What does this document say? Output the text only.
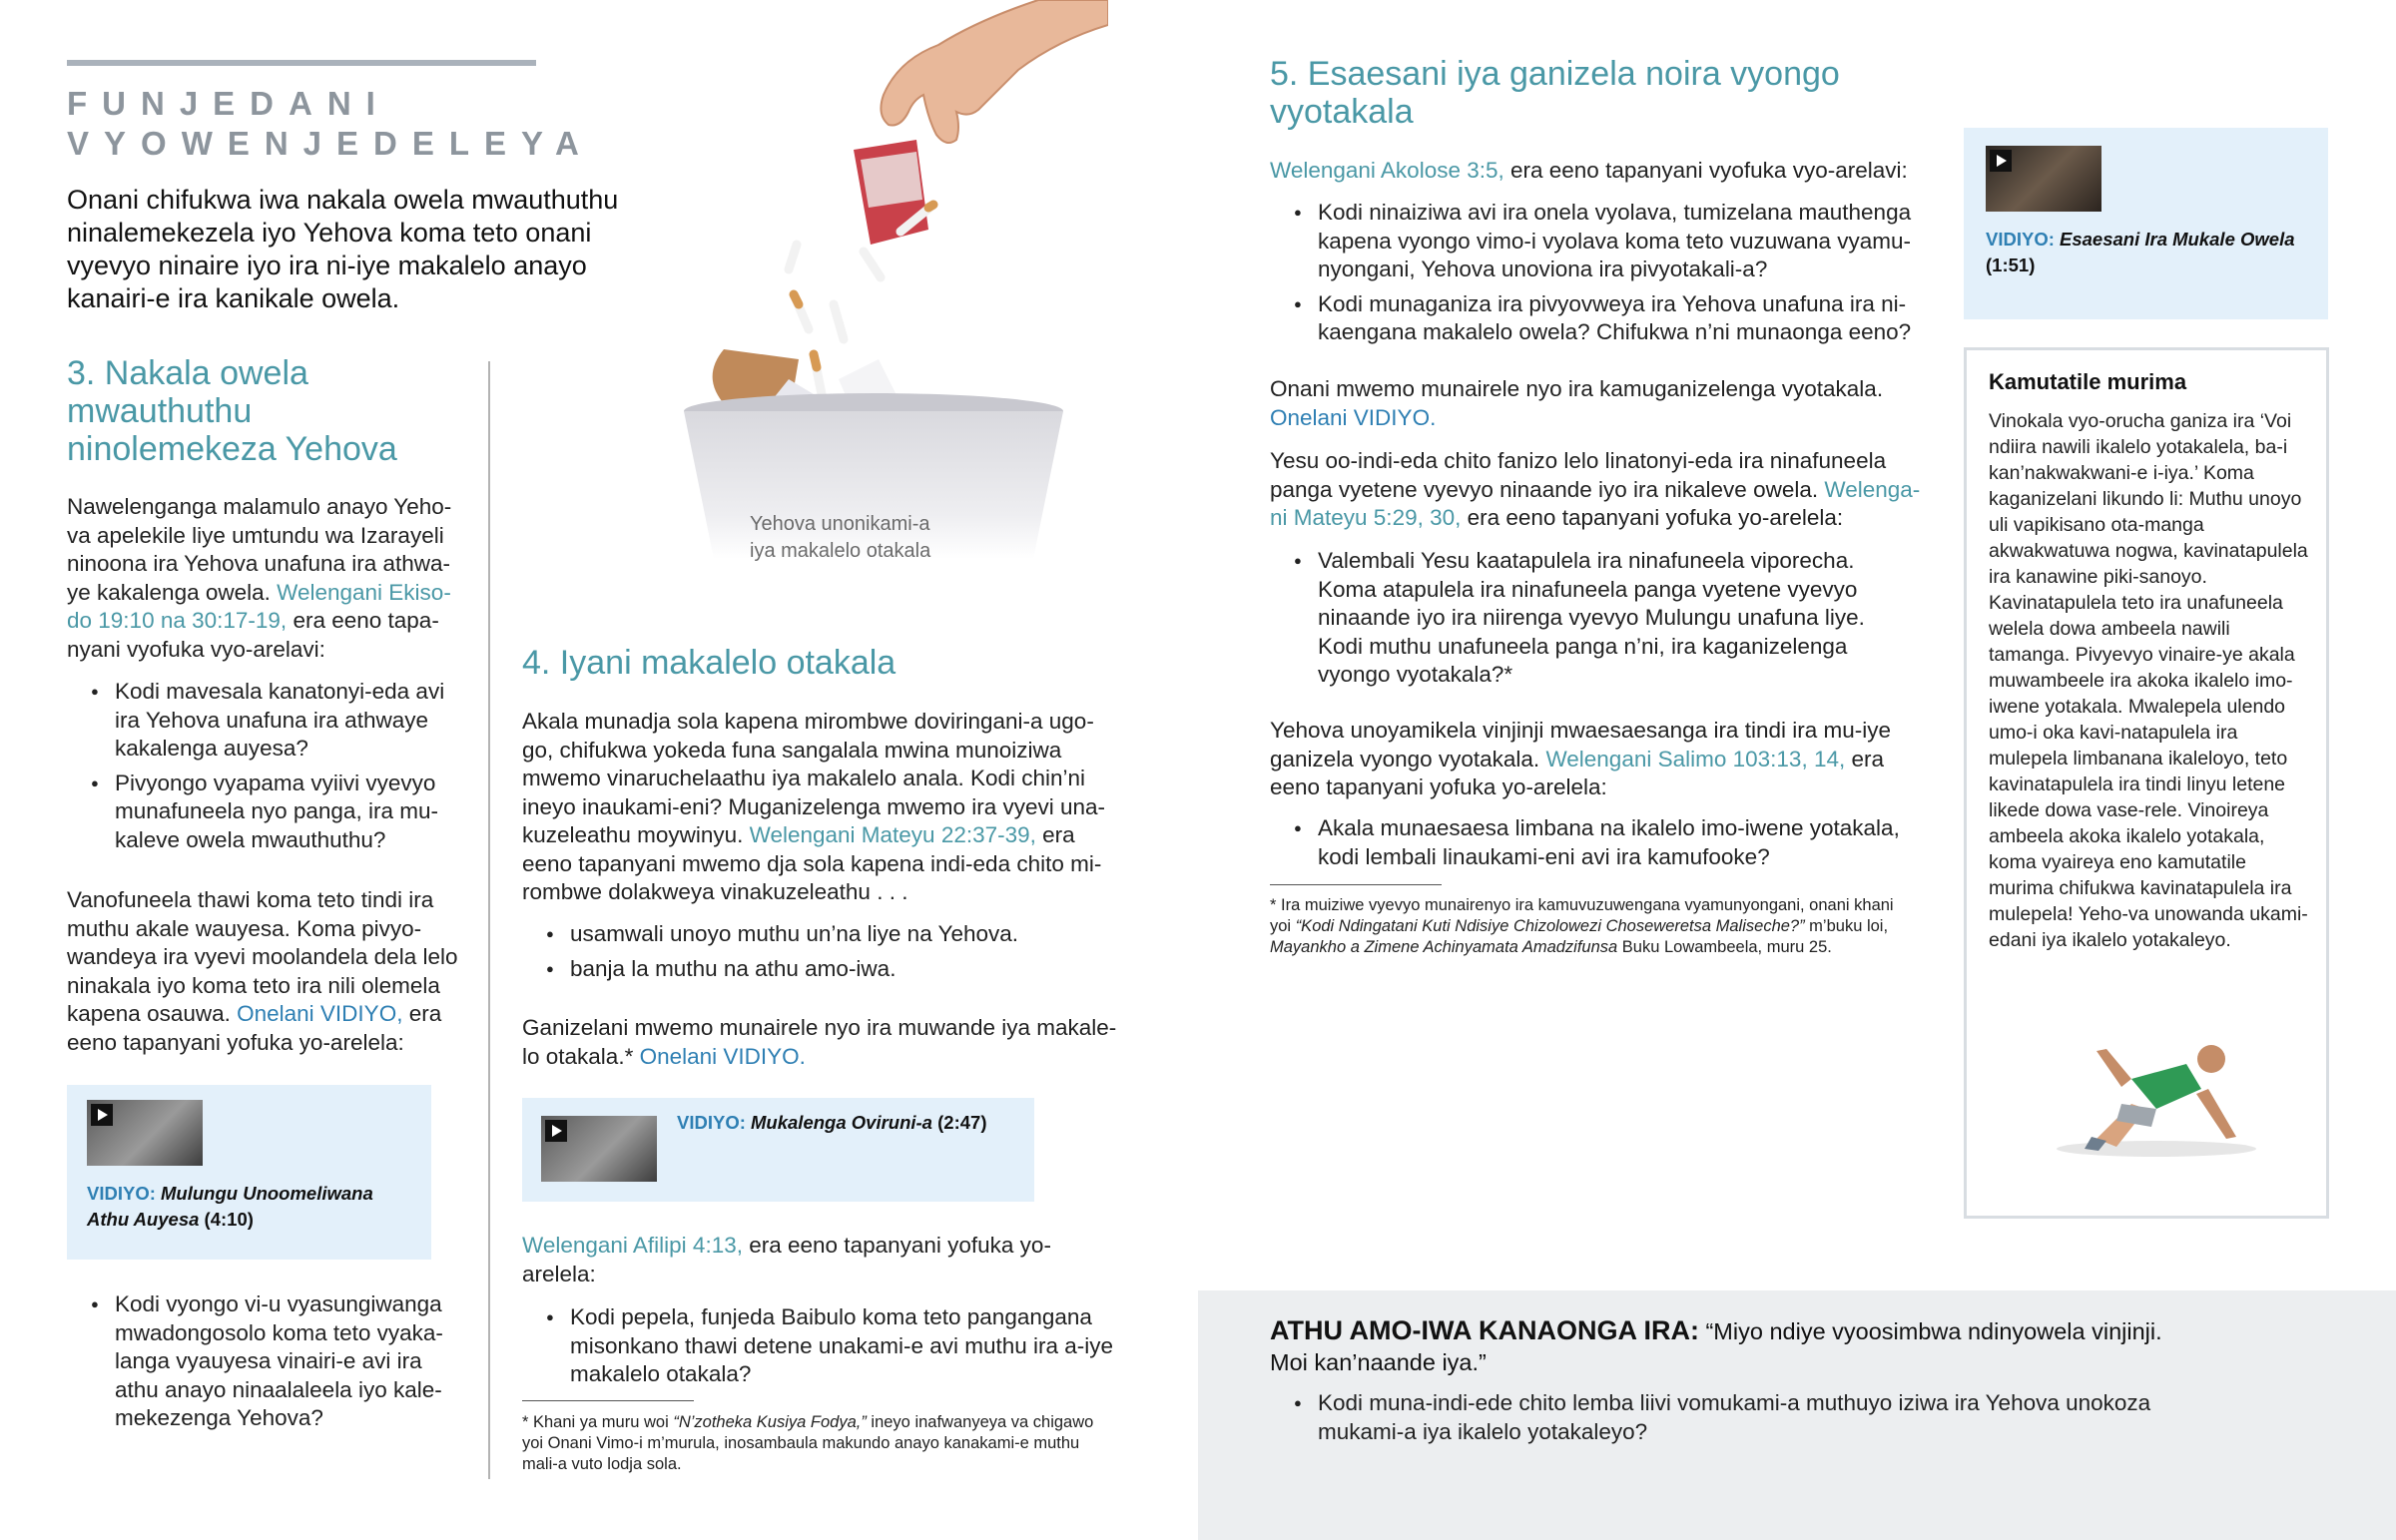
FUNJEDANI
VYOWENJEDELEYA
Onani chifukwa iwa nakala owela mwauthuthu ninalemekezela iyo Yehova koma teto onani vyevyo ninaire iyo ira ni-iye makalelo anayo kanairi-e ira kanikale owela.
Yehova unonikami-a
iya makalelo otakala
3. Nakala owela
mwauthuthu
ninolemekeza Yehova
Nawelenganga malamulo anayo Yeho-va apelekile liye umtundu wa Izarayeli ninoona ira Yehova unafuna ira athwa-ye kakalenga owela. Welengani Ekiso-do 19:10 na 30:17-19, era eeno tapa-nyani vyofuka vyo-arelavi:
● Kodi mavesala kanatonyi-eda avi ira Yehova unafuna ira athwaye kakalenga auyesa?
● Pivyongo vyapama vyiivi vyevyo munafuneela nyo panga, ira mu-kaleve owela mwauthuthu?
Vanofuneela thawi koma teto tindi ira muthu akale wauyesa. Koma pivyo-wandeya ira vyevi moolandela dela lelo ninakala iyo koma teto ira nili olemela kapena osauwa. Onelani VIDIYO, era eeno tapanyani yofuka yo-arelela:
VIDIYO: Mulungu Unoomeliwana Athu Auyesa (4:10)
● Kodi vyongo vi-u vyasungiwanga mwadongosolo koma teto vyaka-langa vyauyesa vinairi-e avi ira athu anayo ninaalaleela iyo kale-mekezenga Yehova?
4. Iyani makalelo otakala
Akala munadja sola kapena mirombwe doviringani-a ugo-go, chifukwa yokeda funa sangalala mwina munoiziwa mwemo vinaruchelaathu iya makalelo anala. Kodi chin’ni ineyo inaukami-eni? Muganizelenga mwemo ira vyevi una-kuzeleathu moywinyu. Welengani Mateyu 22:37-39, era eeno tapanyani mwemo dja sola kapena indi-eda chito mi-rombwe dolakweya vinakuzeleathu . . .
● usamwali unoyo muthu un’na liye na Yehova.
● banja la muthu na athu amo-iwa.
Ganizelani mwemo munairele nyo ira muwande iya makale-lo otakala.* Onelani VIDIYO.
VIDIYO: Mukalenga Oviruni-a (2:47)
Welengani Afilipi 4:13, era eeno tapanyani yofuka yo-arelela:
● Kodi pepela, funjeda Baibulo koma teto pangangana misonkano thawi detene unakami-e avi muthu ira a-iye makalelo otakala?
* Khani ya muru woi “N’zotheka Kusiya Fodya,” ineyo inafwanyeya va chigawo yoi Onani Vimo-i m’murula, inosambaula makundo anayo kanakami-e muthu mali-a vuto lodja sola.
5. Esaesani iya ganizela noira vyongo
vyotakala
Welengani Akolose 3:5, era eeno tapanyani vyofuka vyo-arelavi:
● Kodi ninaiziwa avi ira onela vyolava, tumizelana mauthenga kapena vyongo vimo-i vyolava koma teto vuzuwana vyamu-nyongani, Yehova unoviona ira pivyotakali-a?
● Kodi munaganiza ira pivyovweya ira Yehova unafuna ira ni-kaengana makalelo owela? Chifukwa n’ni munaonga eeno?
Onani mwemo munairele nyo ira kamuganizelenga vyotakala. Onelani VIDIYO.
Yesu oo-indi-eda chito fanizo lelo linatonyi-eda ira ninafuneela panga vyetene vyevyo ninaande iyo ira nikaleve owela. Welenga-ni Mateyu 5:29, 30, era eeno tapanyani yofuka yo-arelela:
● Valembali Yesu kaatapulela ira ninafuneela viporecha. Koma atapulela ira ninafuneela panga vyetene vyevyo ninaande iyo ira niirenga vyevyo Mulungu unafuna liye. Kodi muthu unafuneela panga n’ni, ira kaganizelenga vyongo vyotakala?*
Yehova unoyamikela vinjinji mwaesaesanga ira tindi ira mu-iye ganizela vyongo vyotakala. Welengani Salimo 103:13, 14, era eeno tapanyani yofuka yo-arelela:
● Akala munaesaesa limbana na ikalelo imo-iwene yotakala, kodi lembali linaukami-eni avi ira kamufooke?
* Ira muiziwe vyevyo munairenyo ira kamuvuzuwengana vyamunyongani, onani khani yoi “Kodi Ndingatani Kuti Ndisiye Chizolowezi Choseweretsa Maliseche?” m’buku loi, Mayankho a Zimene Achinyamata Amadzifunsa Buku Lowambeela, muru 25.
VIDIYO: Esaesani Ira Mukale Owela (1:51)
Kamutatile murima
Vinokala vyo-orucha ganiza ira ‘Voi ndiira nawili ikalelo yotakalela, ba-i kan’nakwakwani-e i-iya.’ Koma kaganizelani likundo li: Muthu unoyo uli vapikisano ota-manga akwakwatuwa nogwa, kavinatapulela ira kanawine piki-sanoyo. Kavinatapulela teto ira unafuneela welela dowa ambeela nawili tamanga. Pivyevyo vinaire-ye akala muwambeele ira akoka ikalelo imo-iwene yotakala. Mwalepela ulendo umo-i oka kavi-natapulela ira mulepela limbanana ikaleloyo, teto kavinatapulela ira tindi linyu letene likede dowa vase-rele. Vinoireya ambeela akoka ikalelo yotakala, koma vyaireya eno kamutatile murima chifukwa kavinatapulela ira mulepela! Yeho-va unowanda ukami-edani iya ikalelo yotakaleyo.
ATHU AMO-IWA KANAONGA IRA: “Miyo ndiye vyoosimbwa ndinyowela vinjinji. Moi kan’naande iya.”
● Kodi muna-indi-ede chito lemba liivi vomukami-a muthuyo iziwa ira Yehova unokoza mukami-a iya ikalelo yotakaleyo?
